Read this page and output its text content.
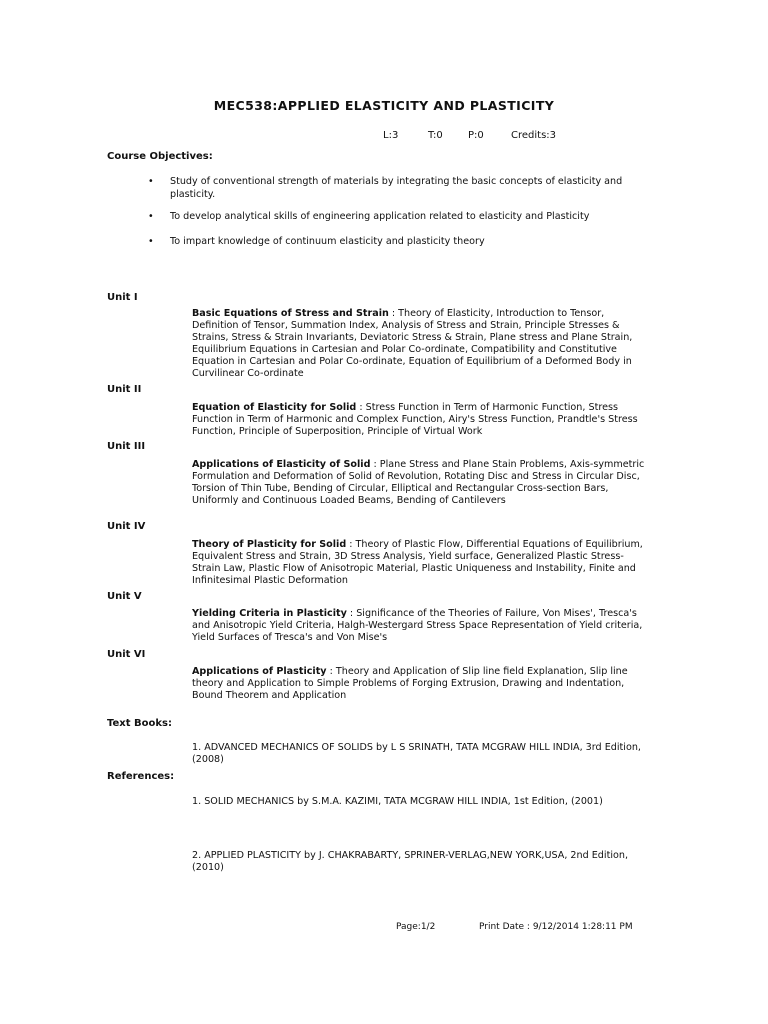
MEC538:APPLIED ELASTICITY AND PLASTICITY
L:3	T:0	P:0	Credits:3
Course Objectives:
• Study of conventional strength of materials by integrating the basic concepts of elasticity and plasticity.
• To develop analytical skills of engineering application related to elasticity and Plasticity
• To impart knowledge of continuum elasticity and plasticity theory
Unit I
Basic Equations of Stress and Strain : Theory of Elasticity, Introduction to Tensor, Definition of Tensor, Summation Index, Analysis of Stress and Strain, Principle Stresses & Strains, Stress & Strain Invariants, Deviatoric Stress & Strain, Plane stress and Plane Strain, Equilibrium Equations in Cartesian and Polar Co-ordinate, Compatibility and Constitutive Equation in Cartesian and Polar Co-ordinate, Equation of Equilibrium of a Deformed Body in Curvilinear Co-ordinate
Unit II
Equation of Elasticity for Solid : Stress Function in Term of Harmonic Function, Stress Function in Term of Harmonic and Complex Function, Airy's Stress Function, Prandtle's Stress Function, Principle of Superposition, Principle of Virtual Work
Unit III
Applications of Elasticity of Solid : Plane Stress and Plane Stain Problems, Axis-symmetric Formulation and Deformation of Solid of Revolution, Rotating Disc and Stress in Circular Disc, Torsion of Thin Tube, Bending of Circular, Elliptical and Rectangular Cross-section Bars, Uniformly and Continuous Loaded Beams, Bending of Cantilevers
Unit IV
Theory of Plasticity for Solid : Theory of Plastic Flow, Differential Equations of Equilibrium, Equivalent Stress and Strain, 3D Stress Analysis, Yield surface, Generalized Plastic Stress-Strain Law, Plastic Flow of Anisotropic Material, Plastic Uniqueness and Instability, Finite and Infinitesimal Plastic Deformation
Unit V
Yielding Criteria in Plasticity : Significance of the Theories of Failure, Von Mises', Tresca's and Anisotropic Yield Criteria, Halgh-Westergard Stress Space Representation of Yield criteria, Yield Surfaces of Tresca's and Von Mise's
Unit VI
Applications of Plasticity : Theory and Application of Slip line field Explanation, Slip line theory and Application to Simple Problems of Forging Extrusion, Drawing and Indentation, Bound Theorem and Application
Text Books:
1. ADVANCED MECHANICS OF SOLIDS by L S SRINATH, TATA MCGRAW HILL INDIA, 3rd Edition, (2008)
References:
1. SOLID MECHANICS by S.M.A. KAZIMI, TATA MCGRAW HILL INDIA, 1st Edition, (2001)
2. APPLIED PLASTICITY by J. CHAKRABARTY, SPRINER-VERLAG,NEW YORK,USA, 2nd Edition, (2010)
Page:1/2	Print Date : 9/12/2014 1:28:11 PM
